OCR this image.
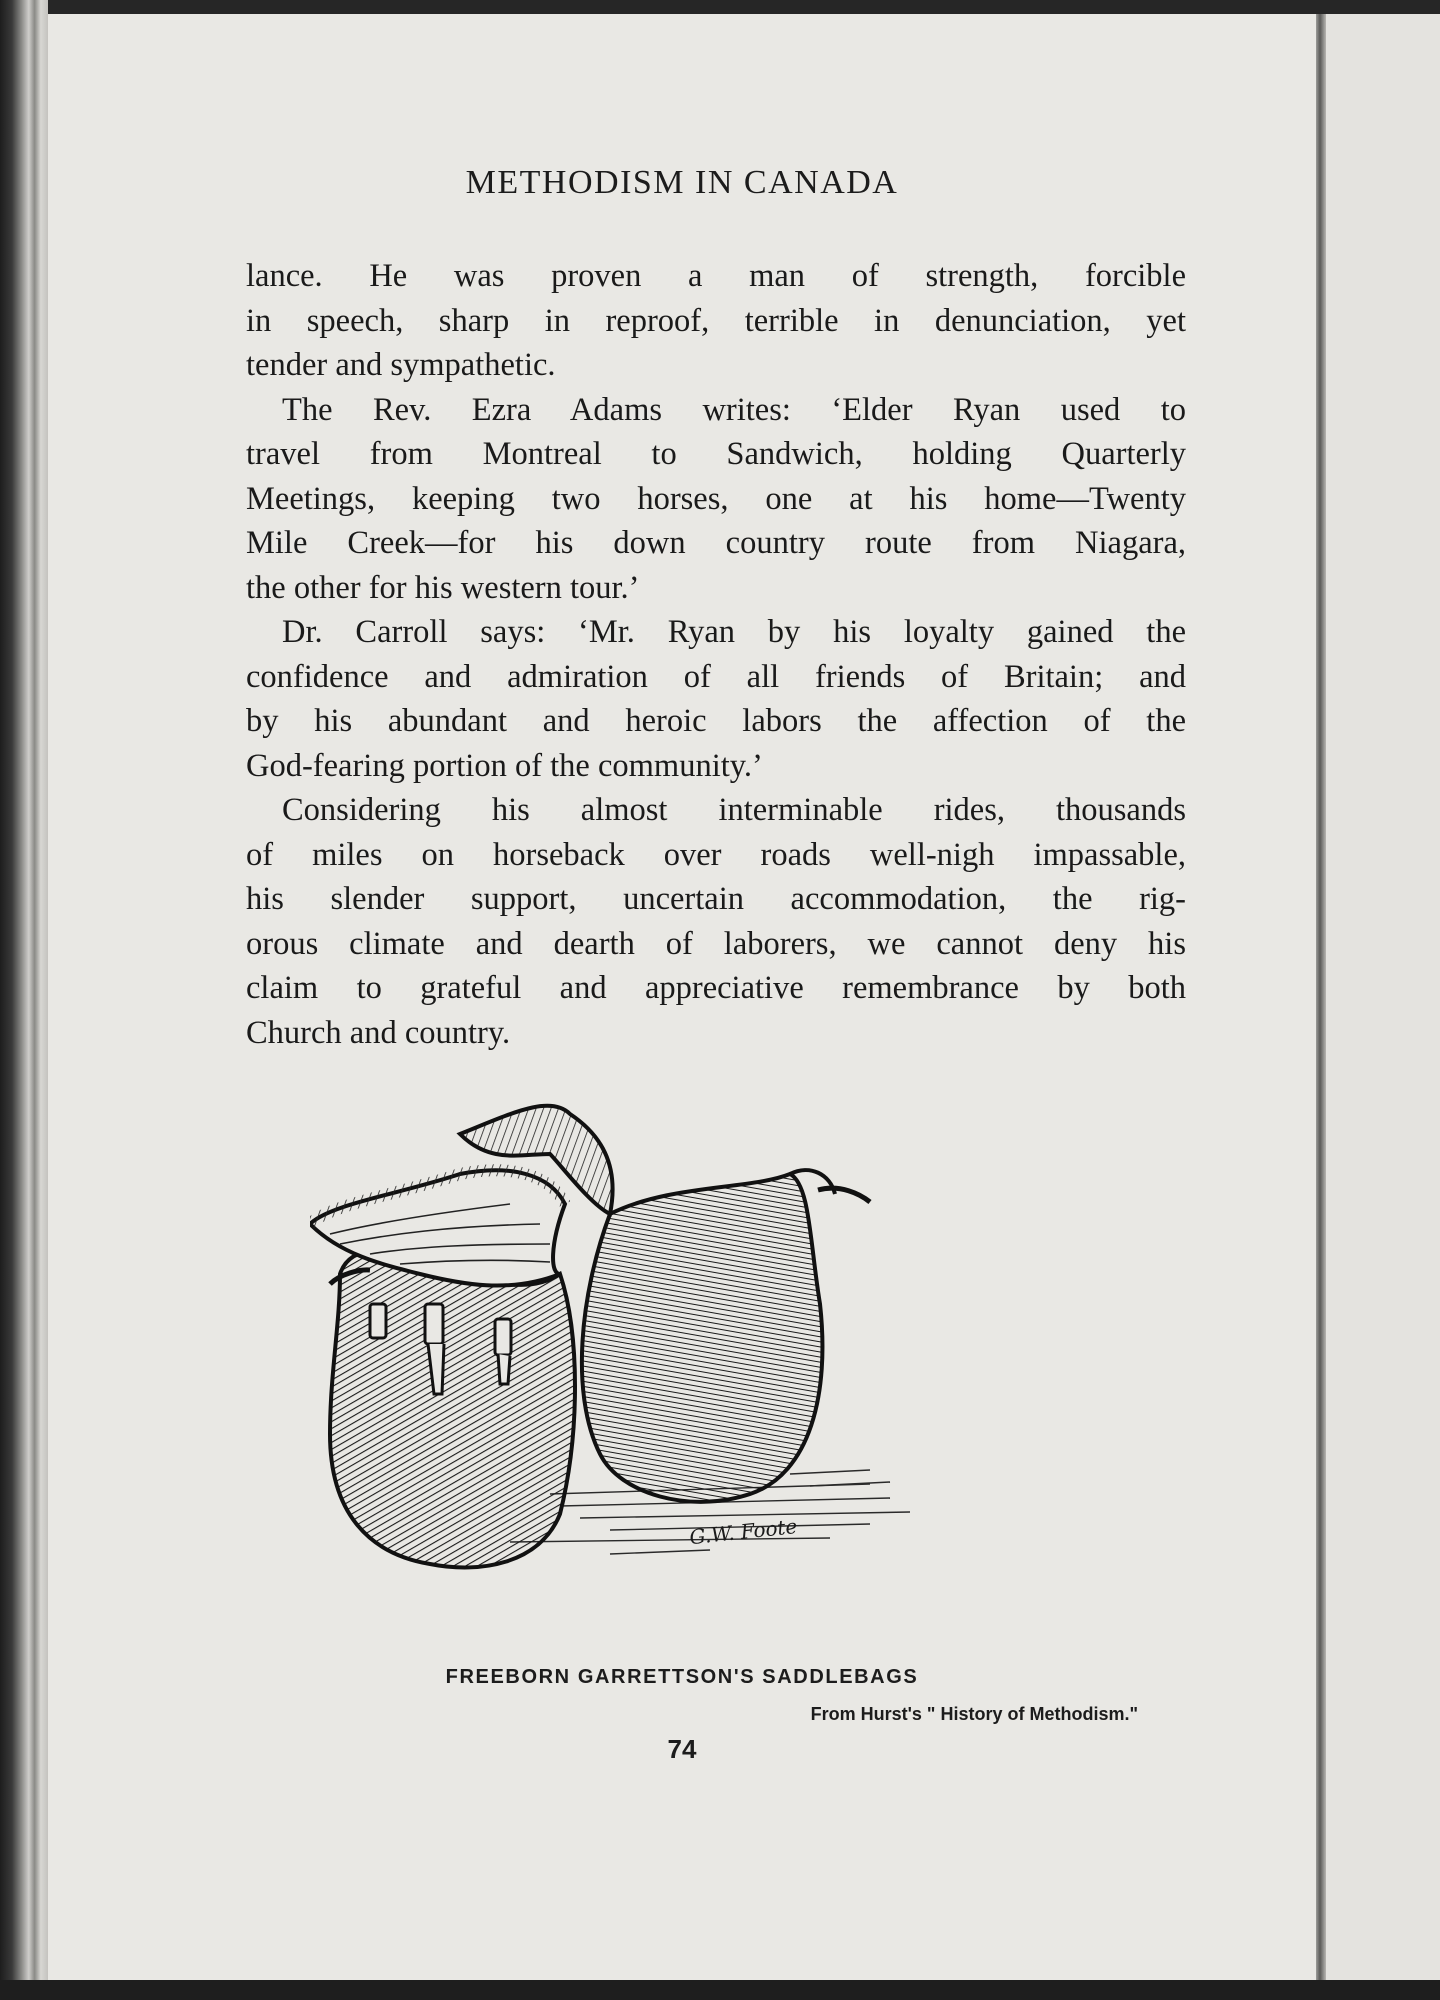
METHODISM IN CANADA

lance. He was proven a man of strength, forcible
in speech, sharp in reproof, terrible in denunciation, yet
tender and sympathetic.

The Rev. Ezra Adams writes: ‘Elder Ryan used to
travel from Montreal to Sandwich, holding Quarterly
Meetings, keeping two horses, one at his home—Twenty
Mile Creek—for his down country route from Niagara,
the other for his western tour.’

Dr. Carroll says: ‘Mr. Ryan by his loyalty gained the
confidence and admiration of all friends of Britain; and
by his abundant and heroic labors the affection of the
God-fearing portion of the community.’

Considering his almost interminable rides, thousands
of miles on horseback over roads well-nigh impassable,
his slender support, uncertain accommodation, the rig-
orous climate and dearth of laborers, we cannot deny his
claim to grateful and appreciative remembrance by both
Church and country.

G.W. Foote
FREEBORN GARRETTSON'S SADDLEBAGS
From Hurst's " History of Methodism."
74
